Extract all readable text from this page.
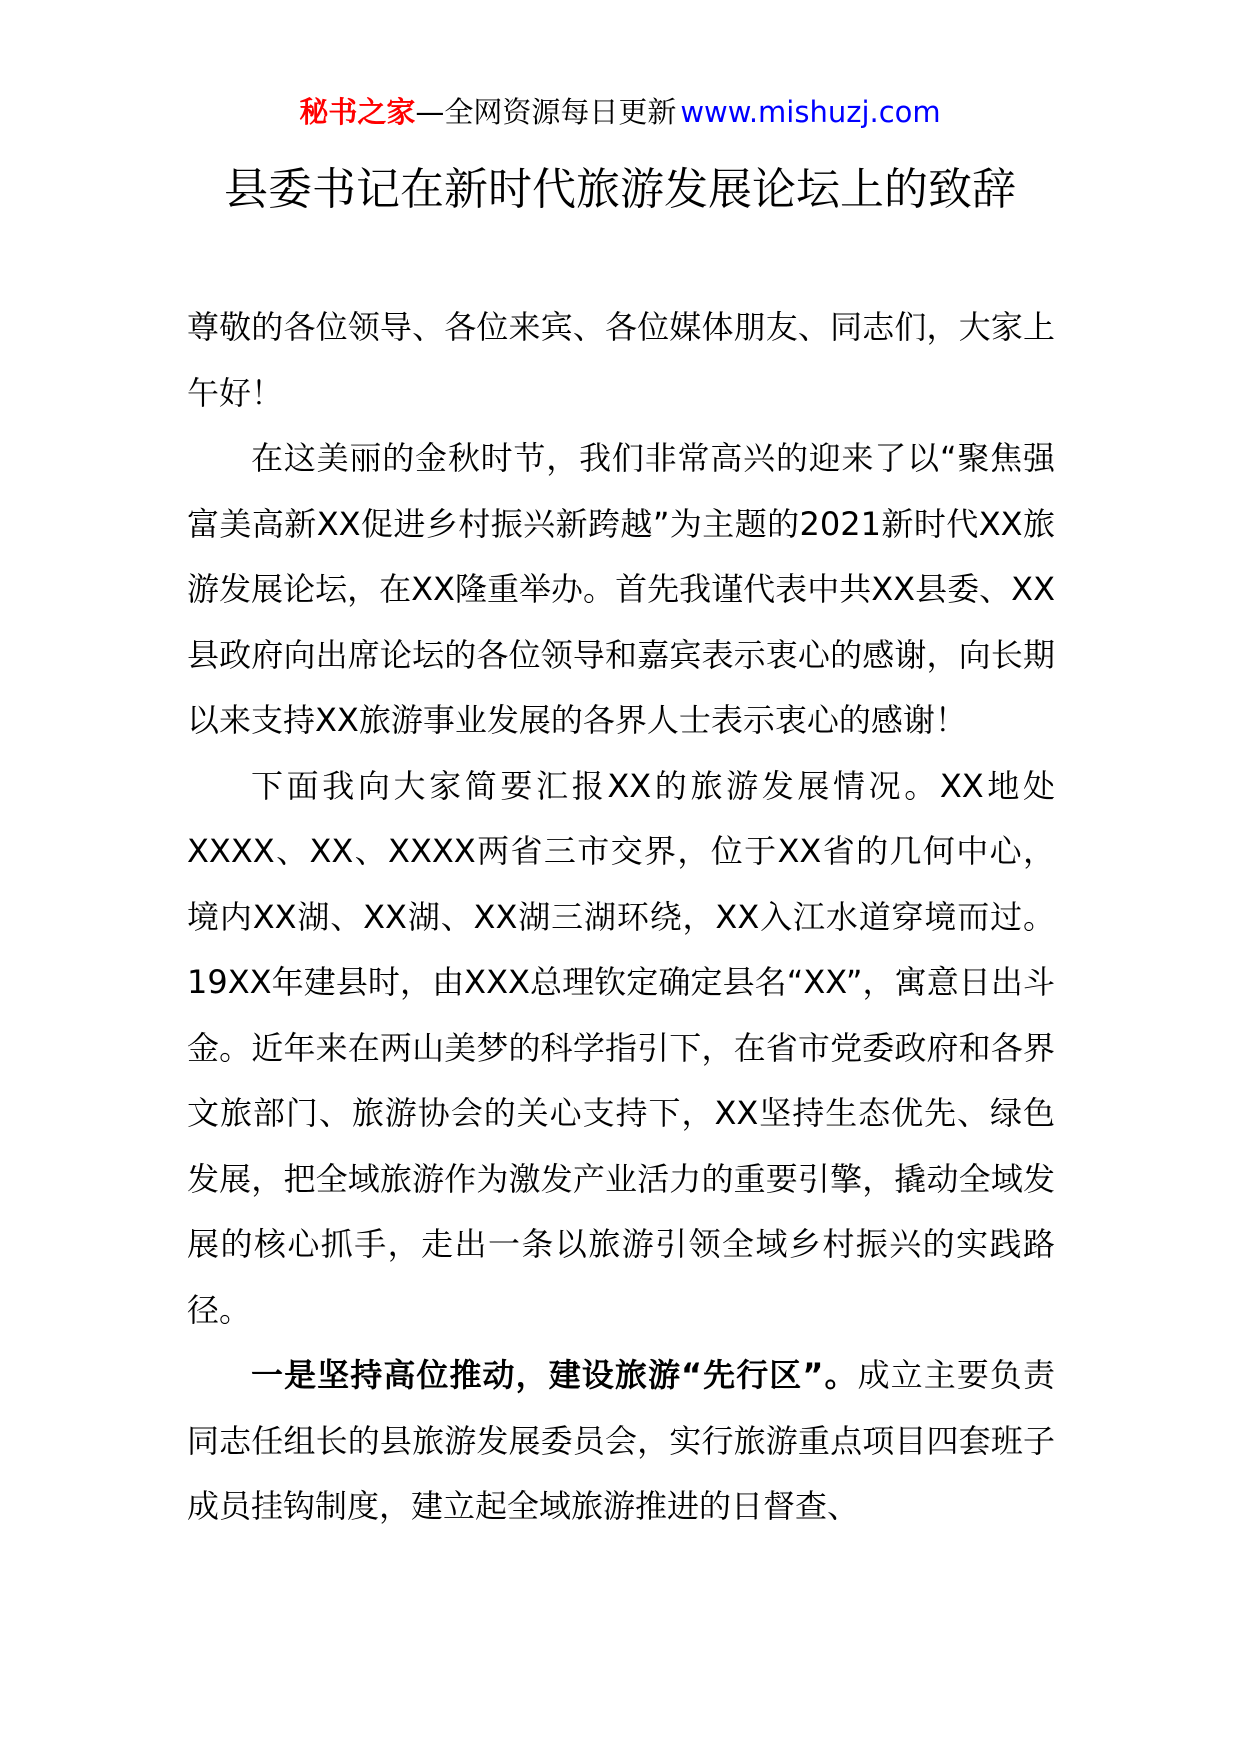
秘书之家—全网资源每日更新 www.mishuzj.com
县委书记在新时代旅游发展论坛上的致辞

尊敬的各位领导、各位来宾、各位媒体朋友、同志们，大家上午好！

在这美丽的金秋时节，我们非常高兴的迎来了以“聚焦强富美高新XX促进乡村振兴新跨越”为主题的2021新时代XX旅游发展论坛，在XX隆重举办。首先我谨代表中共XX县委、XX县政府向出席论坛的各位领导和嘉宾表示衷心的感谢，向长期以来支持XX旅游事业发展的各界人士表示衷心的感谢！

下面我向大家简要汇报XX的旅游发展情况。XX地处XXXX、XX、XXXX两省三市交界，位于XX省的几何中心，境内XX湖、XX湖、XX湖三湖环绕，XX入江水道穿境而过。19XX年建县时，由XXX总理钦定确定县名“XX”，寓意日出斗金。近年来在两山美梦的科学指引下，在省市党委政府和各界文旅部门、旅游协会的关心支持下，XX坚持生态优先、绿色发展，把全域旅游作为激发产业活力的重要引擎，撬动全域发展的核心抓手，走出一条以旅游引领全域乡村振兴的实践路径。

一是坚持高位推动，建设旅游“先行区”。成立主要负责同志任组长的县旅游发展委员会，实行旅游重点项目四套班子成员挂钩制度，建立起全域旅游推进的日督查、
